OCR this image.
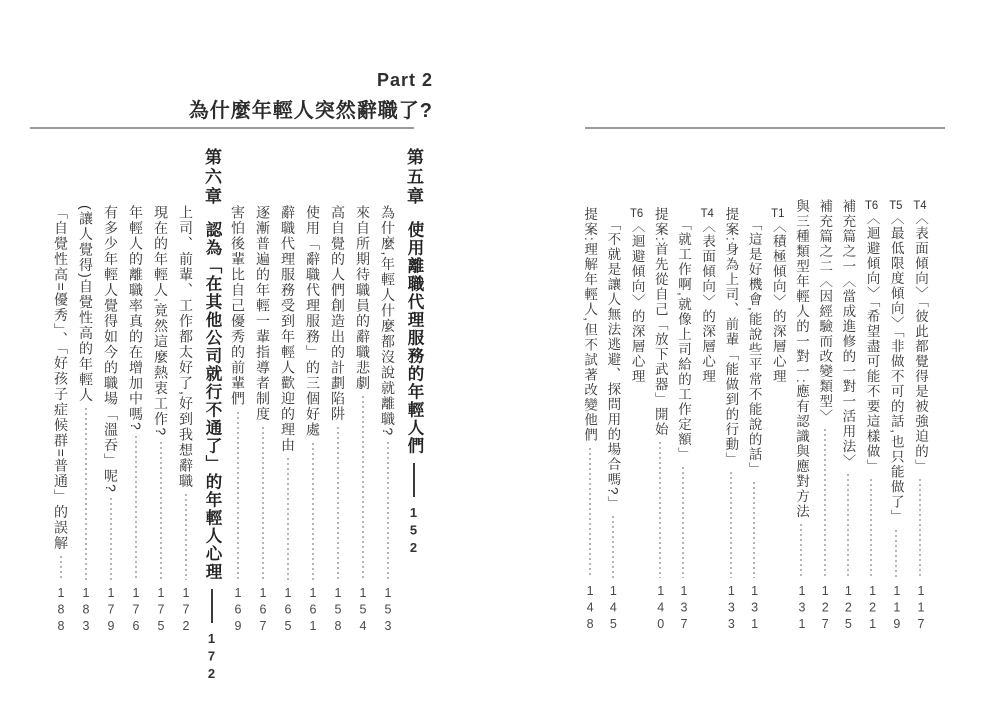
Part 2
為什麼年輕人突然辭職了?
第五章
使用離職代理服務的年輕人們
152
為什麼,年輕人什麼都沒說就離職?
153
來自所期待職員的辭職悲劇
154
高自覺的人們創造出的計劃陷阱
158
使用「辭職代理服務」的三個好處
161
辭職代理服務受到年輕人歡迎的理由
165
逐漸普遍的年輕一輩指導者制度
167
害怕後輩比自己優秀的前輩們
169
第六章
認為「在其他公司就行不通了」的年輕人心理
172
上司、前輩、工作都太好了,好到我想辭職
172
現在的年輕人,竟然這麼熱衷工作?
175
年輕人的離職率真的在增加中嗎?
176
有多少年輕人覺得如今的職場「溫吞」呢?
179
(讓人覺得)自覺性高的年輕人
183
「自覺性高=優秀」、「好孩子症候群=普通」的誤解
188
T4〈表面傾向〉「彼此都覺得是被強迫的」
117
T5〈最低限度傾向〉「非做不可的話,也只能做了」
119
T6〈迴避傾向〉「希望盡可能不要這樣做」
121
補充篇之一〈當成進修的一對一活用法〉
125
補充篇之二〈因經驗而改變類型〉
127
與三種類型年輕人的一對一:應有認識與應對方法
131
T1〈積極傾向〉的深層心理
「這是好機會,能說些平常不能說的話」
131
提案:身為上司、前輩「能做到的行動」
133
T4〈表面傾向〉的深層心理
「就工作啊,就像上司給的工作定額」
137
提案:首先從自己「放下武器」開始
140
T6〈迴避傾向〉的深層心理
「不就是讓人無法逃避、探問用的場合嗎?」
145
提案:理解年輕人,但不試著改變他們
148
